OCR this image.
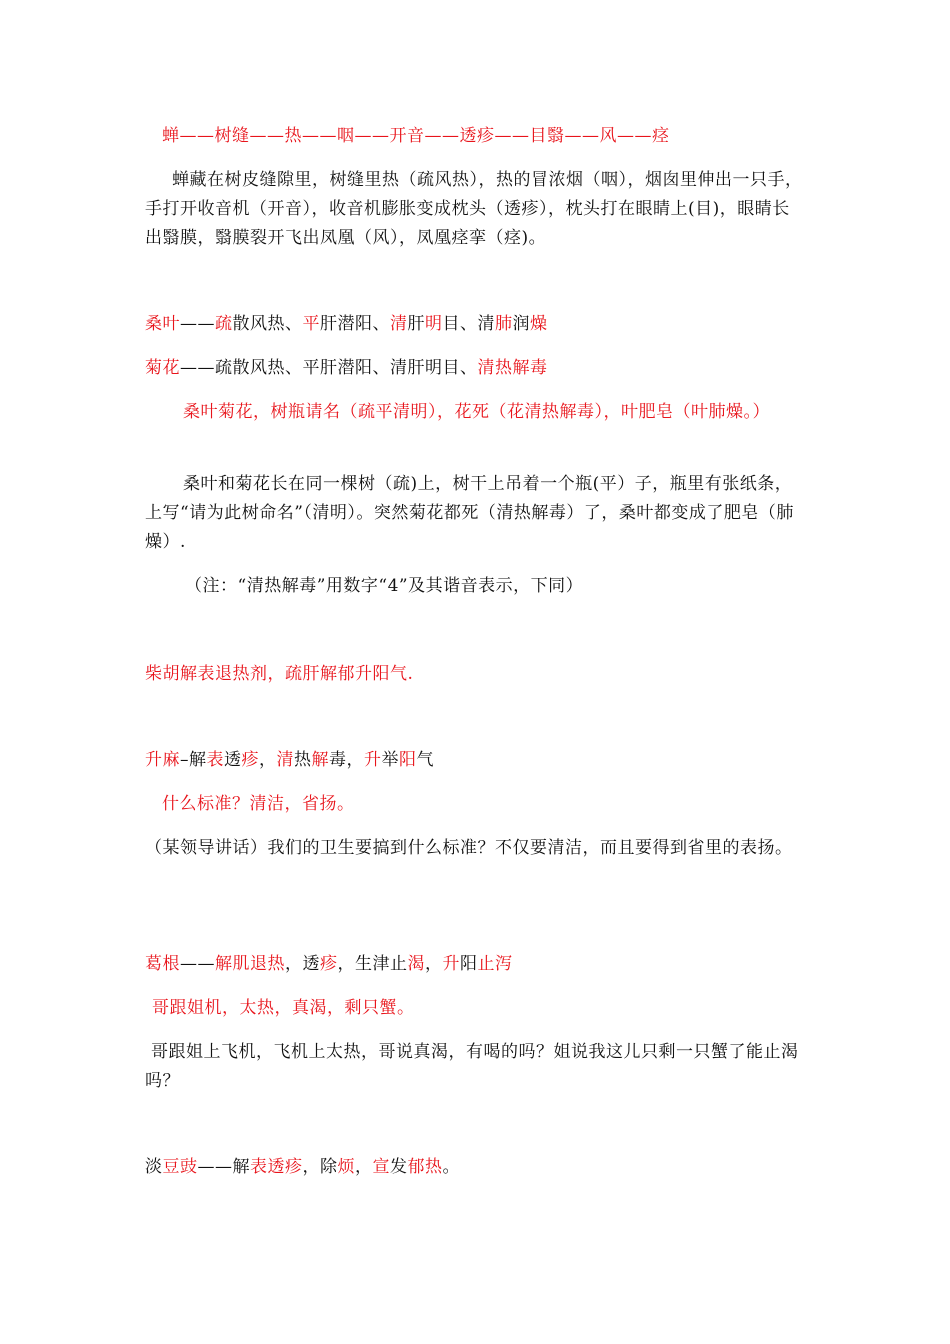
蝉——树缝——热——咽——开音——透疹——目翳——风——痉

蝉藏在树皮缝隙里，树缝里热（疏风热），热的冒浓烟（咽），烟囱里伸出一只手，手打开收音机（开音），收音机膨胀变成枕头（透疹），枕头打在眼睛上(目)，眼睛长出翳膜，翳膜裂开飞出凤凰（风），凤凰痉挛（痉)。

桑叶——疏散风热、平肝潜阳、清肝明目、清肺润燥

菊花——疏散风热、平肝潜阳、清肝明目、清热解毒

桑叶菊花，树瓶请名（疏平清明），花死（花清热解毒），叶肥皂（叶肺燥。）

桑叶和菊花长在同一棵树（疏)上，树干上吊着一个瓶(平）子，瓶里有张纸条，上写“请为此树命名”（清明）。突然菊花都死（清热解毒）了，桑叶都变成了肥皂（肺燥）.

（注：“清热解毒”用数字“4”及其谐音表示，下同）

柴胡解表退热剂，疏肝解郁升阳气.

升麻–解表透疹，清热解毒，升举阳气

什么标准？清洁，省扬。

（某领导讲话）我们的卫生要搞到什么标准？不仅要清洁，而且要得到省里的表扬。

葛根——解肌退热，透疹，生津止渴，升阳止泻

哥跟姐机，太热，真渴，剩只蟹。

哥跟姐上飞机，飞机上太热，哥说真渴，有喝的吗？姐说我这儿只剩一只蟹了能止渴吗？

淡豆豉——解表透疹，除烦，宣发郁热。
